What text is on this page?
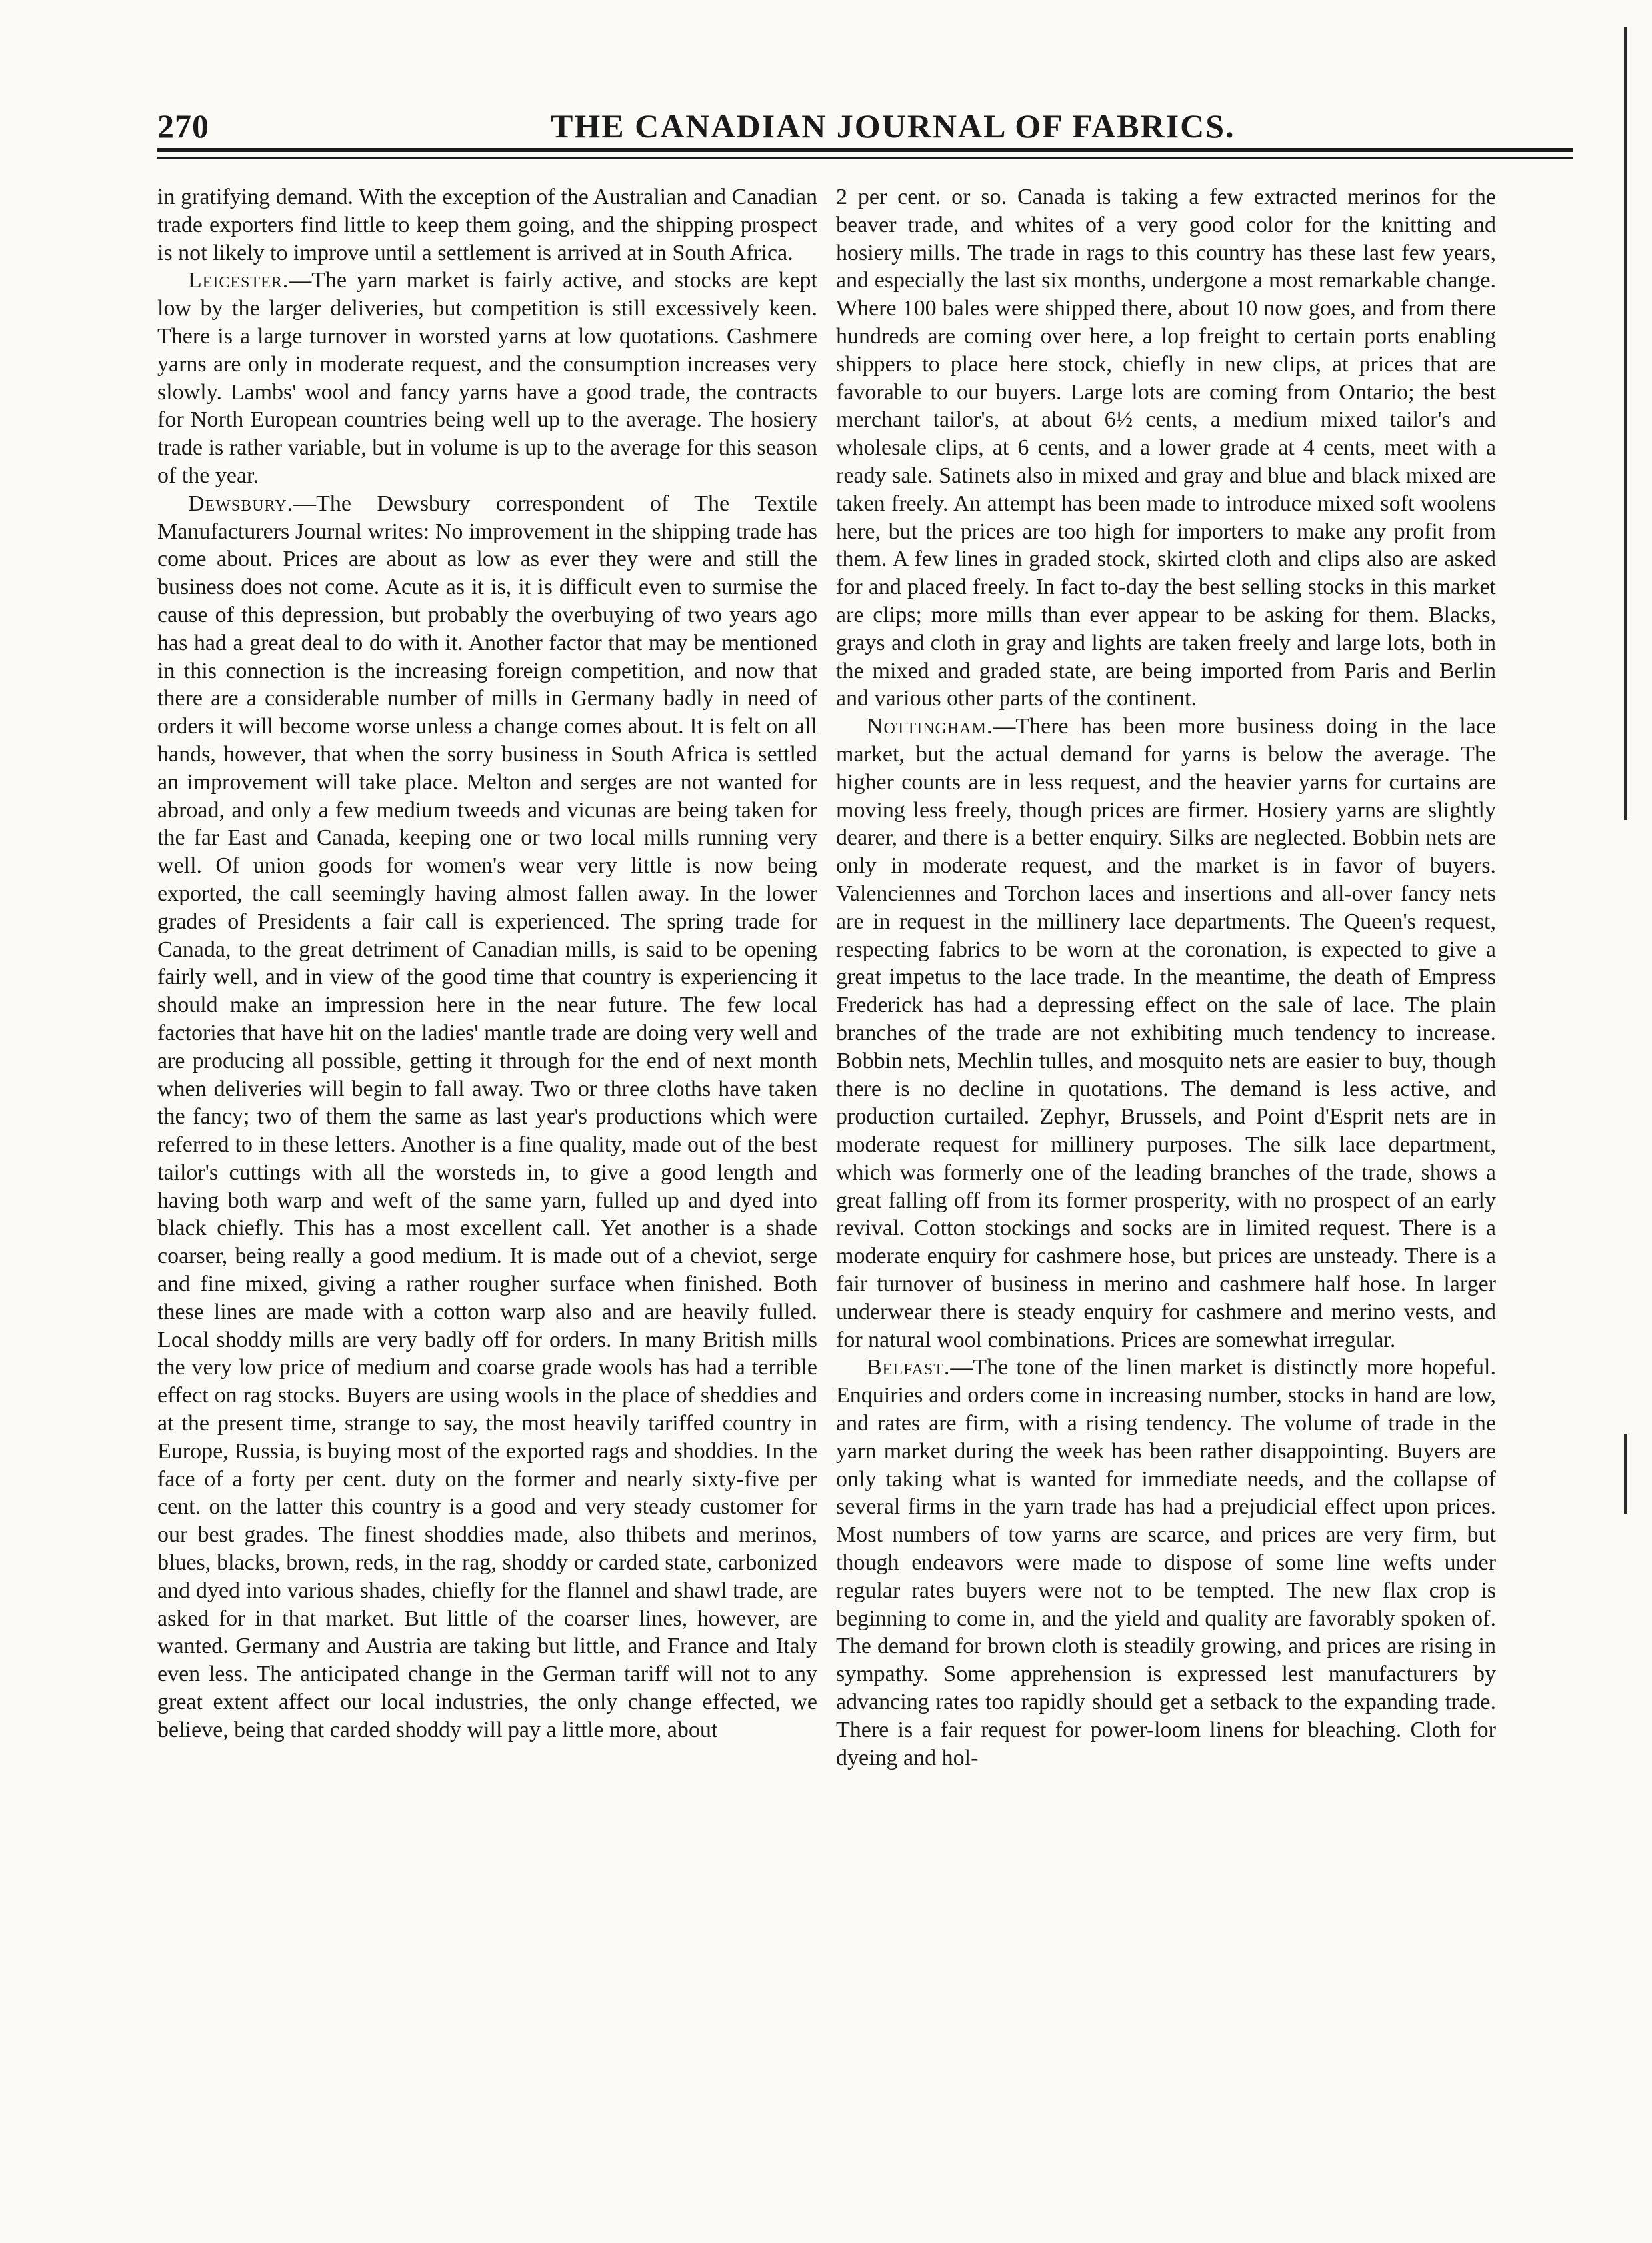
270	THE CANADIAN JOURNAL OF FABRICS.

in gratifying demand. With the exception of the Australian and Canadian trade exporters find little to keep them going, and the shipping prospect is not likely to improve until a settlement is arrived at in South Africa.

Leicester.—The yarn market is fairly active, and stocks are kept low by the larger deliveries, but competition is still excessively keen. There is a large turnover in worsted yarns at low quotations. Cashmere yarns are only in moderate request, and the consumption increases very slowly. Lambs' wool and fancy yarns have a good trade, the contracts for North European countries being well up to the average. The hosiery trade is rather variable, but in volume is up to the average for this season of the year.

Dewsbury.—The Dewsbury correspondent of The Textile Manufacturers Journal writes: No improvement in the shipping trade has come about. Prices are about as low as ever they were and still the business does not come. Acute as it is, it is difficult even to surmise the cause of this depression, but probably the overbuying of two years ago has had a great deal to do with it. Another factor that may be mentioned in this connection is the increasing foreign competition, and now that there are a considerable number of mills in Germany badly in need of orders it will become worse unless a change comes about. It is felt on all hands, however, that when the sorry business in South Africa is settled an improvement will take place. Melton and serges are not wanted for abroad, and only a few medium tweeds and vicunas are being taken for the far East and Canada, keeping one or two local mills running very well. Of union goods for women's wear very little is now being exported, the call seemingly having almost fallen away. In the lower grades of Presidents a fair call is experienced. The spring trade for Canada, to the great detriment of Canadian mills, is said to be opening fairly well, and in view of the good time that country is experiencing it should make an impression here in the near future. The few local factories that have hit on the ladies' mantle trade are doing very well and are producing all possible, getting it through for the end of next month when deliveries will begin to fall away. Two or three cloths have taken the fancy; two of them the same as last year's productions which were referred to in these letters. Another is a fine quality, made out of the best tailor's cuttings with all the worsteds in, to give a good length and having both warp and weft of the same yarn, fulled up and dyed into black chiefly. This has a most excellent call. Yet another is a shade coarser, being really a good medium. It is made out of a cheviot, serge and fine mixed, giving a rather rougher surface when finished. Both these lines are made with a cotton warp also and are heavily fulled. Local shoddy mills are very badly off for orders. In many British mills the very low price of medium and coarse grade wools has had a terrible effect on rag stocks. Buyers are using wools in the place of sheddies and at the present time, strange to say, the most heavily tariffed country in Europe, Russia, is buying most of the exported rags and shoddies. In the face of a forty per cent. duty on the former and nearly sixty-five per cent. on the latter this country is a good and very steady customer for our best grades. The finest shoddies made, also thibets and merinos, blues, blacks, brown, reds, in the rag, shoddy or carded state, carbonized and dyed into various shades, chiefly for the flannel and shawl trade, are asked for in that market. But little of the coarser lines, however, are wanted. Germany and Austria are taking but little, and France and Italy even less. The anticipated change in the German tariff will not to any great extent affect our local industries, the only change effected, we believe, being that carded shoddy will pay a little more, about

2 per cent. or so. Canada is taking a few extracted merinos for the beaver trade, and whites of a very good color for the knitting and hosiery mills. The trade in rags to this country has these last few years, and especially the last six months, undergone a most remarkable change. Where 100 bales were shipped there, about 10 now goes, and from there hundreds are coming over here, a lop freight to certain ports enabling shippers to place here stock, chiefly in new clips, at prices that are favorable to our buyers. Large lots are coming from Ontario; the best merchant tailor's, at about 6½ cents, a medium mixed tailor's and wholesale clips, at 6 cents, and a lower grade at 4 cents, meet with a ready sale. Satinets also in mixed and gray and blue and black mixed are taken freely. An attempt has been made to introduce mixed soft woolens here, but the prices are too high for importers to make any profit from them. A few lines in graded stock, skirted cloth and clips also are asked for and placed freely. In fact to-day the best selling stocks in this market are clips; more mills than ever appear to be asking for them. Blacks, grays and cloth in gray and lights are taken freely and large lots, both in the mixed and graded state, are being imported from Paris and Berlin and various other parts of the continent.

Nottingham.—There has been more business doing in the lace market, but the actual demand for yarns is below the average. The higher counts are in less request, and the heavier yarns for curtains are moving less freely, though prices are firmer. Hosiery yarns are slightly dearer, and there is a better enquiry. Silks are neglected. Bobbin nets are only in moderate request, and the market is in favor of buyers. Valenciennes and Torchon laces and insertions and all-over fancy nets are in request in the millinery lace departments. The Queen's request, respecting fabrics to be worn at the coronation, is expected to give a great impetus to the lace trade. In the meantime, the death of Empress Frederick has had a depressing effect on the sale of lace. The plain branches of the trade are not exhibiting much tendency to increase. Bobbin nets, Mechlin tulles, and mosquito nets are easier to buy, though there is no decline in quotations. The demand is less active, and production curtailed. Zephyr, Brussels, and Point d'Esprit nets are in moderate request for millinery purposes. The silk lace department, which was formerly one of the leading branches of the trade, shows a great falling off from its former prosperity, with no prospect of an early revival. Cotton stockings and socks are in limited request. There is a moderate enquiry for cashmere hose, but prices are unsteady. There is a fair turnover of business in merino and cashmere half hose. In larger underwear there is steady enquiry for cashmere and merino vests, and for natural wool combinations. Prices are somewhat irregular.

Belfast.—The tone of the linen market is distinctly more hopeful. Enquiries and orders come in increasing number, stocks in hand are low, and rates are firm, with a rising tendency. The volume of trade in the yarn market during the week has been rather disappointing. Buyers are only taking what is wanted for immediate needs, and the collapse of several firms in the yarn trade has had a prejudicial effect upon prices. Most numbers of tow yarns are scarce, and prices are very firm, but though endeavors were made to dispose of some line wefts under regular rates buyers were not to be tempted. The new flax crop is beginning to come in, and the yield and quality are favorably spoken of. The demand for brown cloth is steadily growing, and prices are rising in sympathy. Some apprehension is expressed lest manufacturers by advancing rates too rapidly should get a setback to the expanding trade. There is a fair request for power-loom linens for bleaching. Cloth for dyeing and hol-
